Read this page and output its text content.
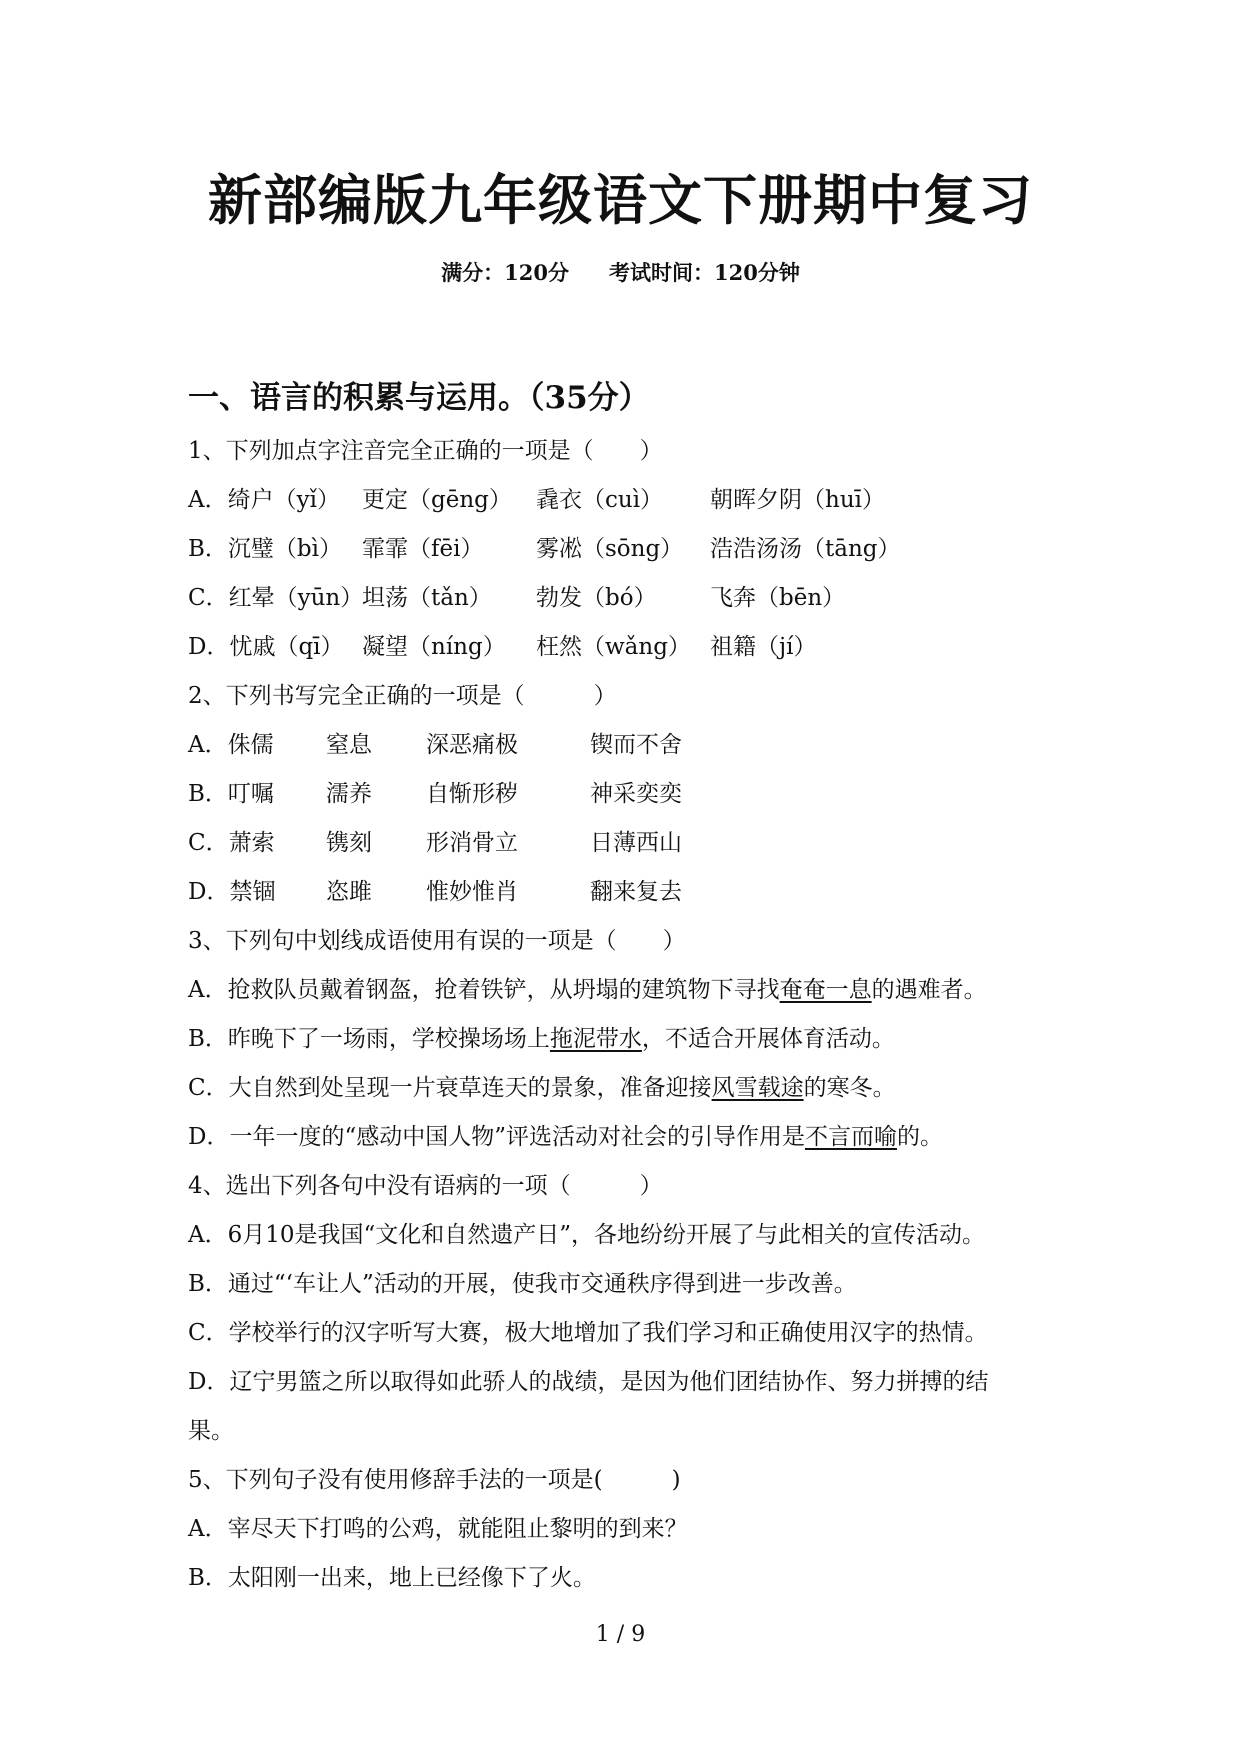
新部编版九年级语文下册期中复习
满分：120分 考试时间：120分钟
一、语言的积累与运用。（35分）
1、下列加点字注音完全正确的一项是（　　）
A．绮户（yǐ） 更定（gēng） 毳衣（cuì） 朝晖夕阴（huī）
B．沉璧（bì） 霏霏（fēi） 雾凇（sōng） 浩浩汤汤（tāng）
C．红晕（yūn）坦荡（tǎn） 勃发（bó） 飞奔（bēn）
D．忧戚（qī） 凝望（níng） 枉然（wǎng） 祖籍（jí）
2、下列书写完全正确的一项是（　　　）
A．侏儒 窒息 深恶痛极	锲而不舍
B．叮嘱 濡养 自惭形秽	神采奕奕
C．萧索 镌刻 形消骨立	日薄西山
D．禁锢 恣雎 惟妙惟肖	翻来复去
3、下列句中划线成语使用有误的一项是（　　）
A．抢救队员戴着钢盔，抢着铁铲，从坍塌的建筑物下寻找奄奄一息的遇难者。
B．昨晚下了一场雨，学校操场场上拖泥带水，不适合开展体育活动。
C．大自然到处呈现一片衰草连天的景象，准备迎接风雪载途的寒冬。
D．一年一度的“感动中国人物”评选活动对社会的引导作用是不言而喻的。
4、选出下列各句中没有语病的一项（　　　）
A．6月10是我国“文化和自然遗产日”，各地纷纷开展了与此相关的宣传活动。
B．通过“‘车让人”活动的开展，使我市交通秩序得到进一步改善。
C．学校举行的汉字听写大赛，极大地增加了我们学习和正确使用汉字的热情。
D．辽宁男篮之所以取得如此骄人的战绩，是因为他们团结协作、努力拼搏的结
果。
5、下列句子没有使用修辞手法的一项是(　　　)
A．宰尽天下打鸣的公鸡，就能阻止黎明的到来？
B．太阳刚一出来，地上已经像下了火。
1 / 9
